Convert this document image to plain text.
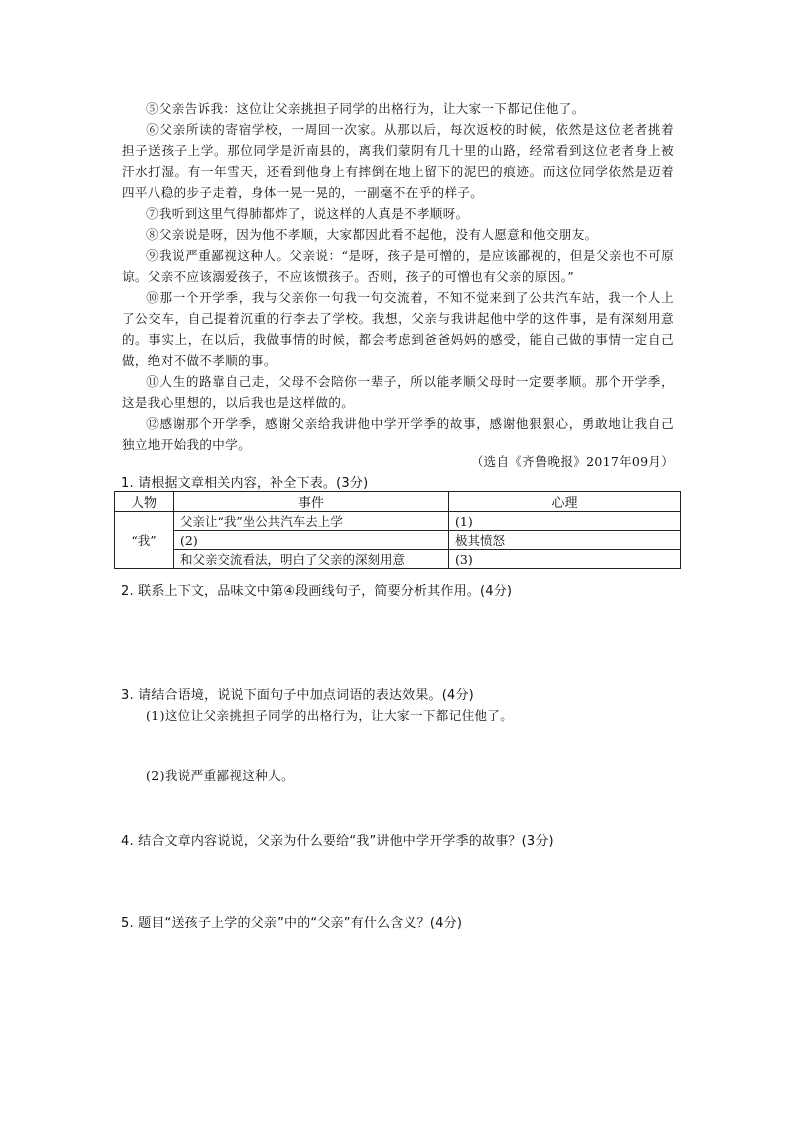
⑤父亲告诉我：这位让父亲挑担子同学的出格行为，让大家一下都记住他了。
⑥父亲所读的寄宿学校，一周回一次家。从那以后，每次返校的时候，依然是这位老者挑着担子送孩子上学。那位同学是沂南县的，离我们蒙阴有几十里的山路，经常看到这位老者身上被汗水打湿。有一年雪天，还看到他身上有摔倒在地上留下的泥巴的痕迹。而这位同学依然是迈着四平八稳的步子走着，身体一晃一晃的，一副毫不在乎的样子。
⑦我听到这里气得肺都炸了，说这样的人真是不孝顺呀。
⑧父亲说是呀，因为他不孝顺，大家都因此看不起他，没有人愿意和他交朋友。
⑨我说严重鄙视这种人。父亲说：“是呀，孩子是可憎的，是应该鄙视的，但是父亲也不可原谅。父亲不应该溺爱孩子，不应该惯孩子。否则，孩子的可憎也有父亲的原因。”
⑩那一个开学季，我与父亲你一句我一句交流着，不知不觉来到了公共汽车站，我一个人上了公交车，自己提着沉重的行李去了学校。我想，父亲与我讲起他中学的这件事，是有深刻用意的。事实上，在以后，我做事情的时候，都会考虑到爸爸妈妈的感受，能自己做的事情一定自己做，绝对不做不孝顺的事。
⑪人生的路靠自己走，父母不会陪你一辈子，所以能孝顺父母时一定要孝顺。那个开学季，这是我心里想的，以后我也是这样做的。
⑫感谢那个开学季，感谢父亲给我讲他中学开学季的故事，感谢他狠狠心，勇敢地让我自己独立地开始我的中学。
（选自《齐鲁晚报》2017年09月）
1. 请根据文章相关内容，补全下表。(3分)
人物	事件	心理
“我”	父亲让“我”坐公共汽车去上学	(1)
	(2)	极其愤怒
	和父亲交流看法，明白了父亲的深刻用意	(3)
2. 联系上下文，品味文中第④段画线句子，简要分析其作用。(4分)
3. 请结合语境，说说下面句子中加点词语的表达效果。(4分)
(1)这位让父亲挑担子同学的出格行为，让大家一下都记住他了。
(2)我说严重鄙视这种人。
4. 结合文章内容说说，父亲为什么要给“我”讲他中学开学季的故事？(3分)
5. 题目“送孩子上学的父亲”中的“父亲”有什么含义？(4分)
